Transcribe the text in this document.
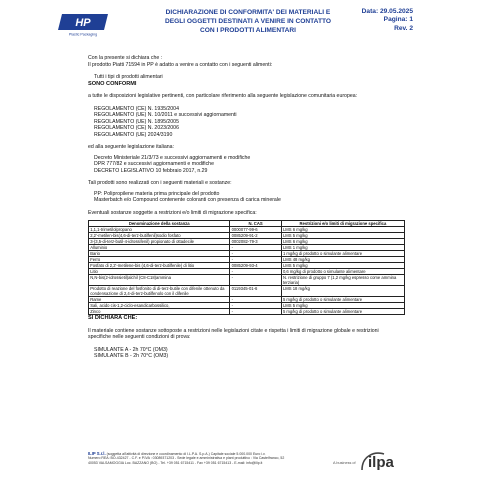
HP
Plastic Packaging
DICHIARAZIONE DI CONFORMITA' DEI MATERIALI E
DEGLI OGGETTI DESTINATI A VENIRE IN CONTATTO
CON I PRODOTTI ALIMENTARI
Data: 29.05.2025
Pagina: 1
Rev. 2

Con la presente si dichiara che :

Il prodotto Piatti 71594 in PP è adatto a venire a contatto con i seguenti alimenti:

Tutti i tipi di prodotti alimentari

SONO CONFORMI

a tutte le disposizioni legislative pertinenti, con particolare riferimento alla seguente legislazione comunitaria europea:

REGOLAMENTO (CE) N. 1935/2004
REGOLAMENTO (UE) N. 10/2011 e successivi aggiornamenti
REGOLAMENTO (UE) N. 1895/2005
REGOLAMENTO (CE) N. 2023/2006
REGOLAMENTO (UE) 2024/3190

ed alla seguente legislazione italiana:

Decreto Ministeriale 21/3/73 e successivi aggiornamenti e modifiche
DPR 777/82 e successivi aggiornamenti e modifiche
DECRETO LEGISLATIVO 10 febbraio 2017, n.29

Tali prodotti sono realizzati con i seguenti materiali e sostanze:

PP: Polipropilene materia prima principale del prodotto
Masterbatch e/o Compound contenente coloranti con presenza di carica minerale

Eventuali sostanze soggette a restrizioni e/o limiti di migrazione specifica:

Denominazione della sostanza	N. CAS	Restrizioni e/o limiti di migrazione specifica
1,1,1-trimetilolpropano	0000077-99-6	LMS 6 mg/kg
2,2'-metilen-bis(4,6-di-terz-butilfenil)sodio fosfato	0085209-91-2	LMS 5 mg/kg
3-(3,5-di-terz-butil-4-idrossifenil) propionato di ottadecile	0002082-79-3	LMS 6 mg/kg
Alluminio	-	LMS 1 mg/kg
Bario	-	1 mg/kg di prodotto o simulante alimentare
Ferro	-	LMS 48 mg/kg
Fosfato di 2,2'-metilene-bis (4,6-di-terz-butilfenile) di litio	0085209-93-4	LMS 5 mg/kg
Litio	-	0,6 mg/kg di prodotto o simulante alimentare
N,N-bis(2-idrossietil)alchil (C8-C18)ammina	-	N. restrizione di gruppo 7 (1,2 mg/kg espresso come ammina terziaria)
Prodotto di reazione del fosfonito di di-terz-butile con difenile ottenuto da condensazione di 2,4-di-terz-butilfenolo con il difenile	0119345-01-6	LMS 18 mg/kg
Rame	-	5 mg/kg di prodotto o simulante alimentare
Sali, acido cis-1,2-ciclo-esandicarbossilico,	-	LMS 5 mg/kg
Zinco	-	5 mg/kg di prodotto o simulante alimentare

SI DICHIARA CHE:

Il materiale contiene sostanze sottoposte a restrizioni nelle legislazioni citate e rispetta i limiti di migrazione globale e restrizioni specifiche nelle seguenti condizioni di prova:

SIMULANTE A - 2h 70°C (OM3)
SIMULANTE B - 2h 70°C (OM3)
ILIP S.r.l. (soggetta all'attività di direzione e coordinamento di I.L.P.A. S.p.A.) Capitale sociale 5.000.000 Euro i.v.
Numero REA: BO-432427 - C.F. e P.IVA : 03089371203 - Sede legale e amministrativa e plant produttivo : Via Castelfranco, 52
40053 VALSAMOGGIA Loc. BAZZANO (BO) - Tel. +39 051 6715411 - Fax +39 051 6715413 - E-mail: info@ilip.it	A business of ilpa
